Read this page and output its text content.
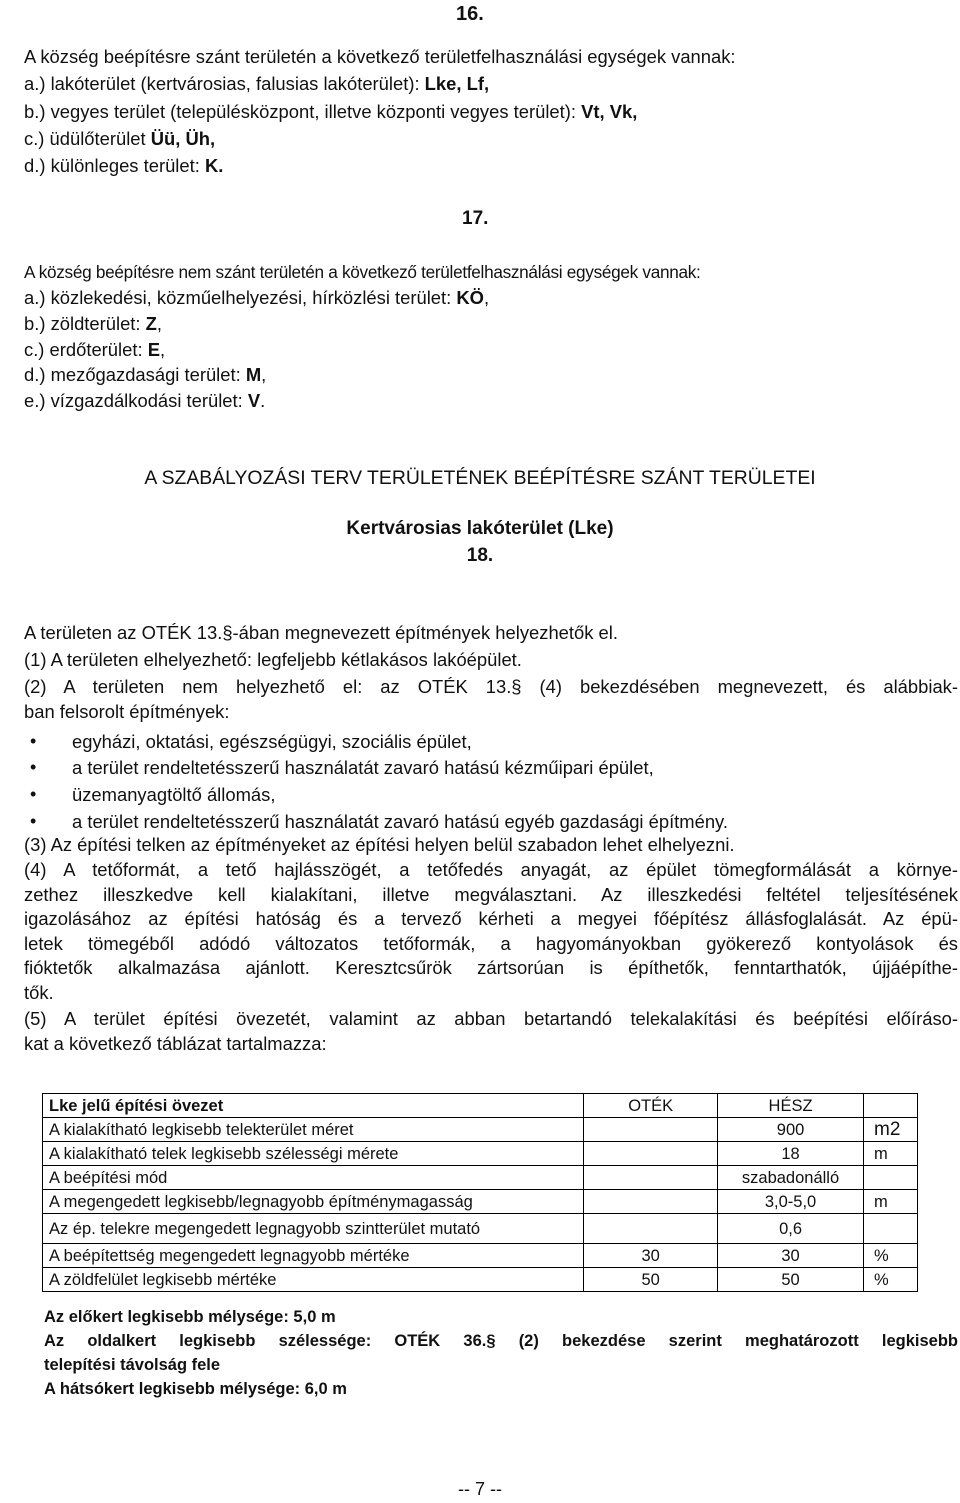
16.
A község beépítésre szánt területén a következő területfelhasználási egységek vannak:
a.) lakóterület (kertvárosias, falusias lakóterület): Lke, Lf,
b.) vegyes terület (településközpont, illetve központi vegyes terület): Vt, Vk,
c.) üdülőterület Üü, Üh,
d.) különleges terület: K.
17.
A község beépítésre nem szánt területén a következő területfelhasználási egységek vannak:
a.) közlekedési, közműelhelyezési, hírközlési terület: KÖ,
b.) zöldterület: Z,
c.) erdőterület: E,
d.) mezőgazdasági terület: M,
e.) vízgazdálkodási terület: V.
A SZABÁLYOZÁSI TERV TERÜLETÉNEK BEÉPÍTÉSRE SZÁNT TERÜLETEI
Kertvárosias lakóterület (Lke)
18.
A területen az OTÉK 13.§-ában megnevezett építmények helyezhetők el.
(1) A területen elhelyezhető: legfeljebb kétlakásos lakóépület.
(2) A területen nem helyezhető el: az OTÉK 13.§ (4) bekezdésében megnevezett, és alábbiak-
ban felsorolt építmények:
• egyházi, oktatási, egészségügyi, szociális épület,
• a terület rendeltetésszerű használatát zavaró hatású kézműipari épület,
• üzemanyagtöltő állomás,
• a terület rendeltetésszerű használatát zavaró hatású egyéb gazdasági építmény.
(3) Az építési telken az építményeket az építési helyen belül szabadon lehet elhelyezni.
(4) A tetőformát, a tető hajlásszögét, a tetőfedés anyagát, az épület tömegformálását a környe-
zethez illeszkedve kell kialakítani, illetve megválasztani. Az illeszkedési feltétel teljesítésének
igazolásához az építési hatóság és a tervező kérheti a megyei főépítész állásfoglalását. Az épü-
letek tömegéből adódó változatos tetőformák, a hagyományokban gyökerező kontyolások és
fióktetők alkalmazása ajánlott. Keresztcsűrök zártsorúan is építhetők, fenntarthatók, újjáépíthe-
tők.
(5) A terület építési övezetét, valamint az abban betartandó telekalakítási és beépítési előíráso-
kat a következő táblázat tartalmazza:
Lke jelű építési övezet	OTÉK	HÉSZ	
A kialakítható legkisebb telekterület méret		900	m2
A kialakítható telek legkisebb szélességi mérete		18	m
A beépítési mód		szabadonálló	
A megengedett legkisebb/legnagyobb építménymagasság		3,0-5,0	m
Az ép. telekre megengedett legnagyobb szintterület mutató		0,6	
A beépítettség megengedett legnagyobb mértéke	30	30	%
A zöldfelület legkisebb mértéke	50	50	%
Az előkert legkisebb mélysége: 5,0 m
Az oldalkert legkisebb szélessége: OTÉK 36.§ (2) bekezdése szerint meghatározott legkisebb
telepítési távolság fele
A hátsókert legkisebb mélysége: 6,0 m
-- 7 --
